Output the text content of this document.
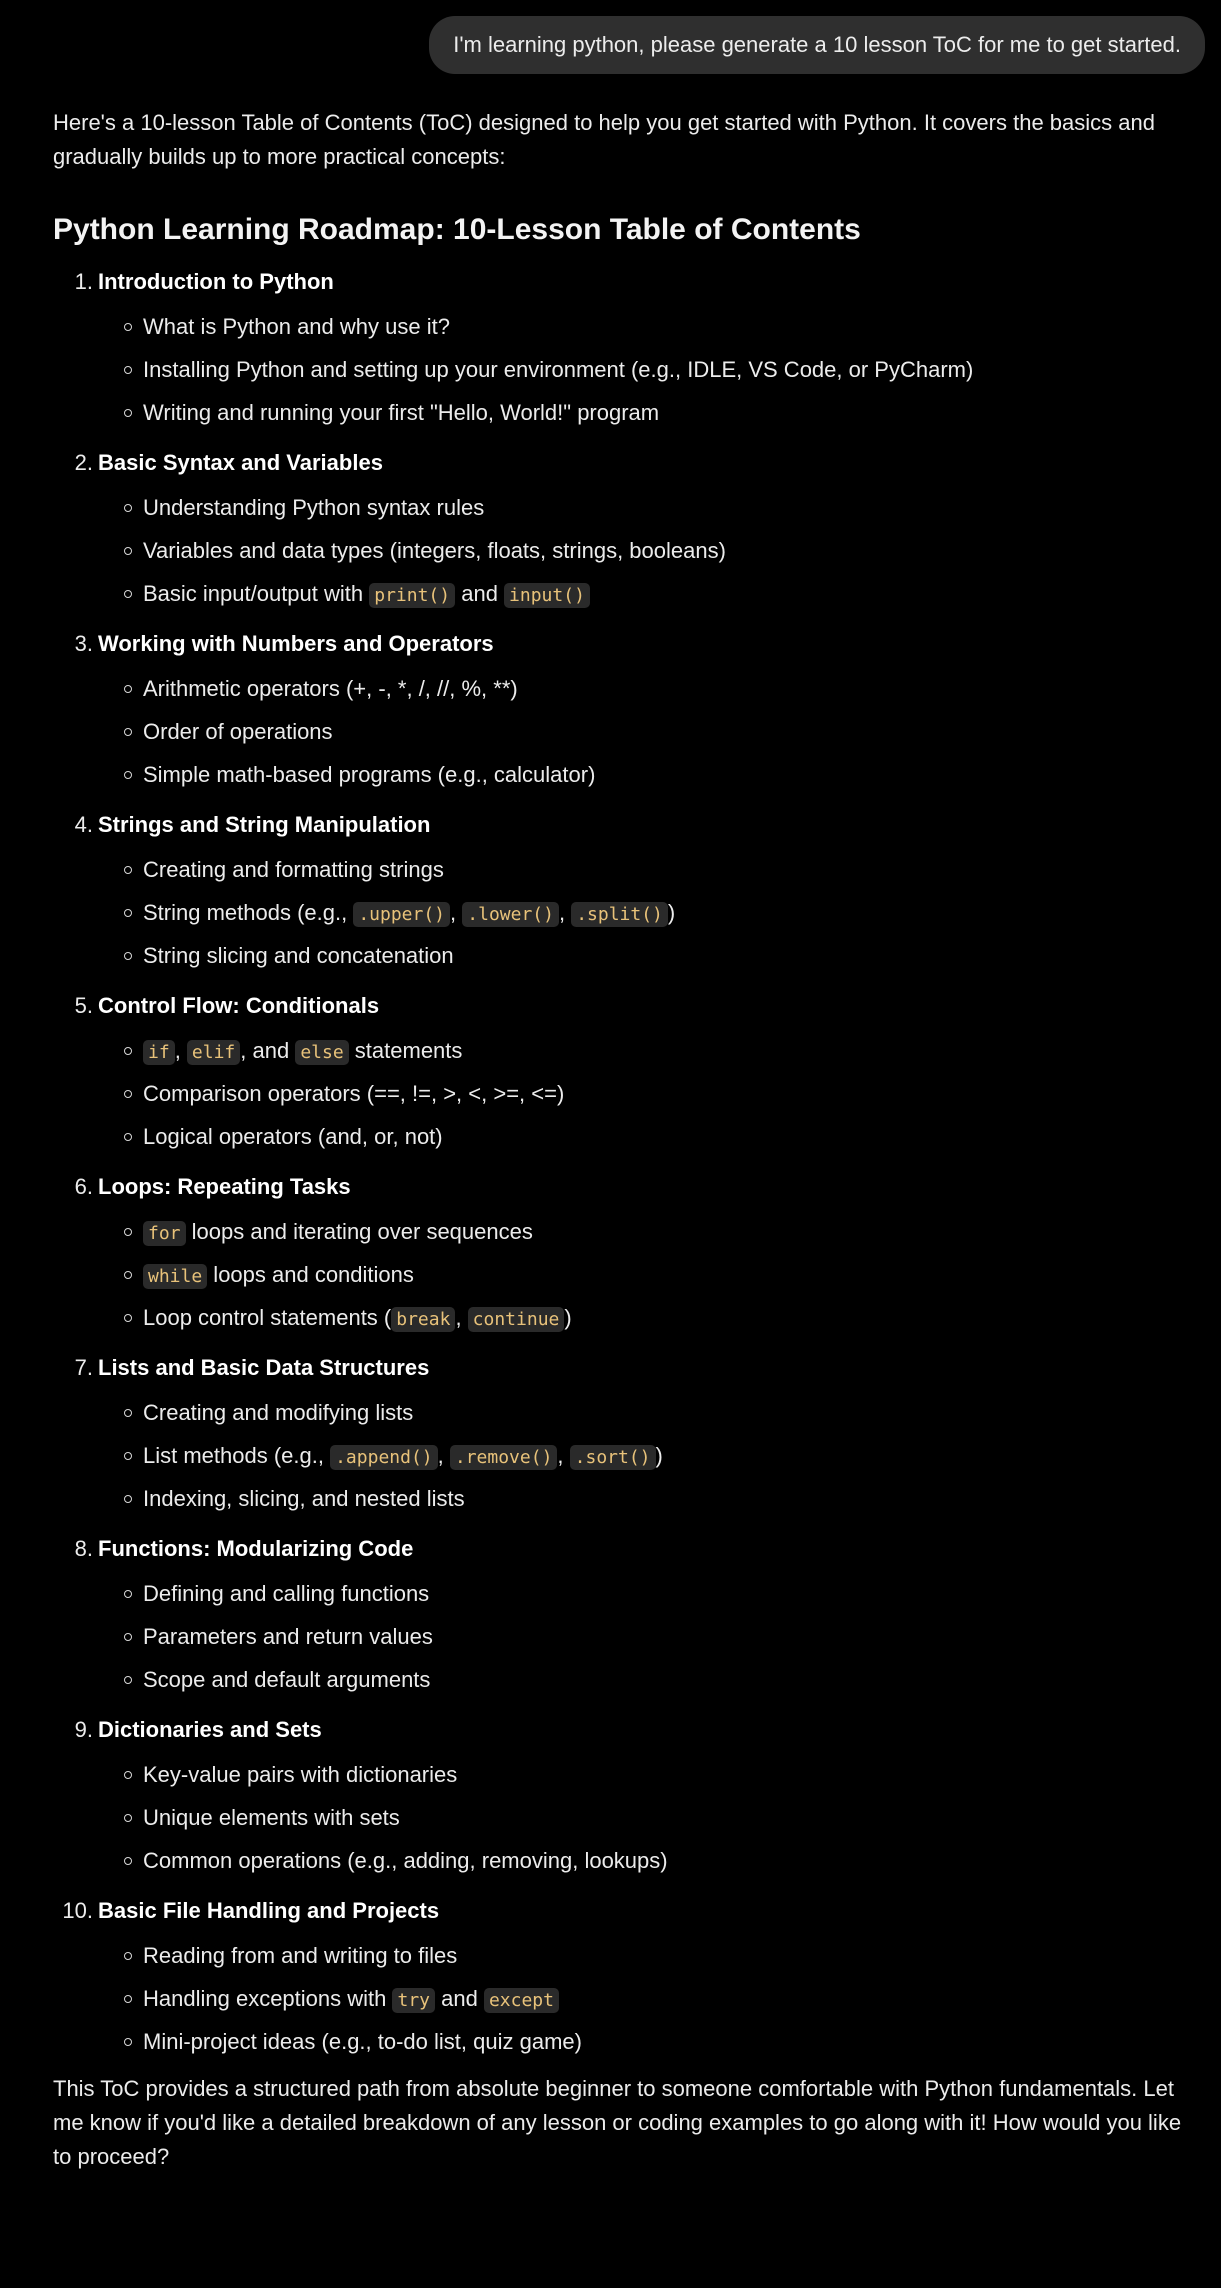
I'm learning python, please generate a 10 lesson ToC for me to get started.

Here's a 10-lesson Table of Contents (ToC) designed to help you get started with Python. It covers the basics and gradually builds up to more practical concepts:

Python Learning Roadmap: 10-Lesson Table of Contents
1. Introduction to Python
What is Python and why use it?
Installing Python and setting up your environment (e.g., IDLE, VS Code, or PyCharm)
Writing and running your first "Hello, World!" program
2. Basic Syntax and Variables
Understanding Python syntax rules
Variables and data types (integers, floats, strings, booleans)
Basic input/output with print() and input()
3. Working with Numbers and Operators
Arithmetic operators (+, -, *, /, //, %, **)
Order of operations
Simple math-based programs (e.g., calculator)
4. Strings and String Manipulation
Creating and formatting strings
String methods (e.g., .upper() , .lower() , .split() )
String slicing and concatenation
5. Control Flow: Conditionals
if , elif , and else statements
Comparison operators (==, !=, >, <, >=, <=)
Logical operators (and, or, not)
6. Loops: Repeating Tasks
for loops and iterating over sequences
while loops and conditions
Loop control statements ( break , continue )
7. Lists and Basic Data Structures
Creating and modifying lists
List methods (e.g., .append() , .remove() , .sort() )
Indexing, slicing, and nested lists
8. Functions: Modularizing Code
Defining and calling functions
Parameters and return values
Scope and default arguments
9. Dictionaries and Sets
Key-value pairs with dictionaries
Unique elements with sets
Common operations (e.g., adding, removing, lookups)
10. Basic File Handling and Projects
Reading from and writing to files
Handling exceptions with try and except
Mini-project ideas (e.g., to-do list, quiz game)

This ToC provides a structured path from absolute beginner to someone comfortable with Python fundamentals. Let me know if you'd like a detailed breakdown of any lesson or coding examples to go along with it! How would you like to proceed?
